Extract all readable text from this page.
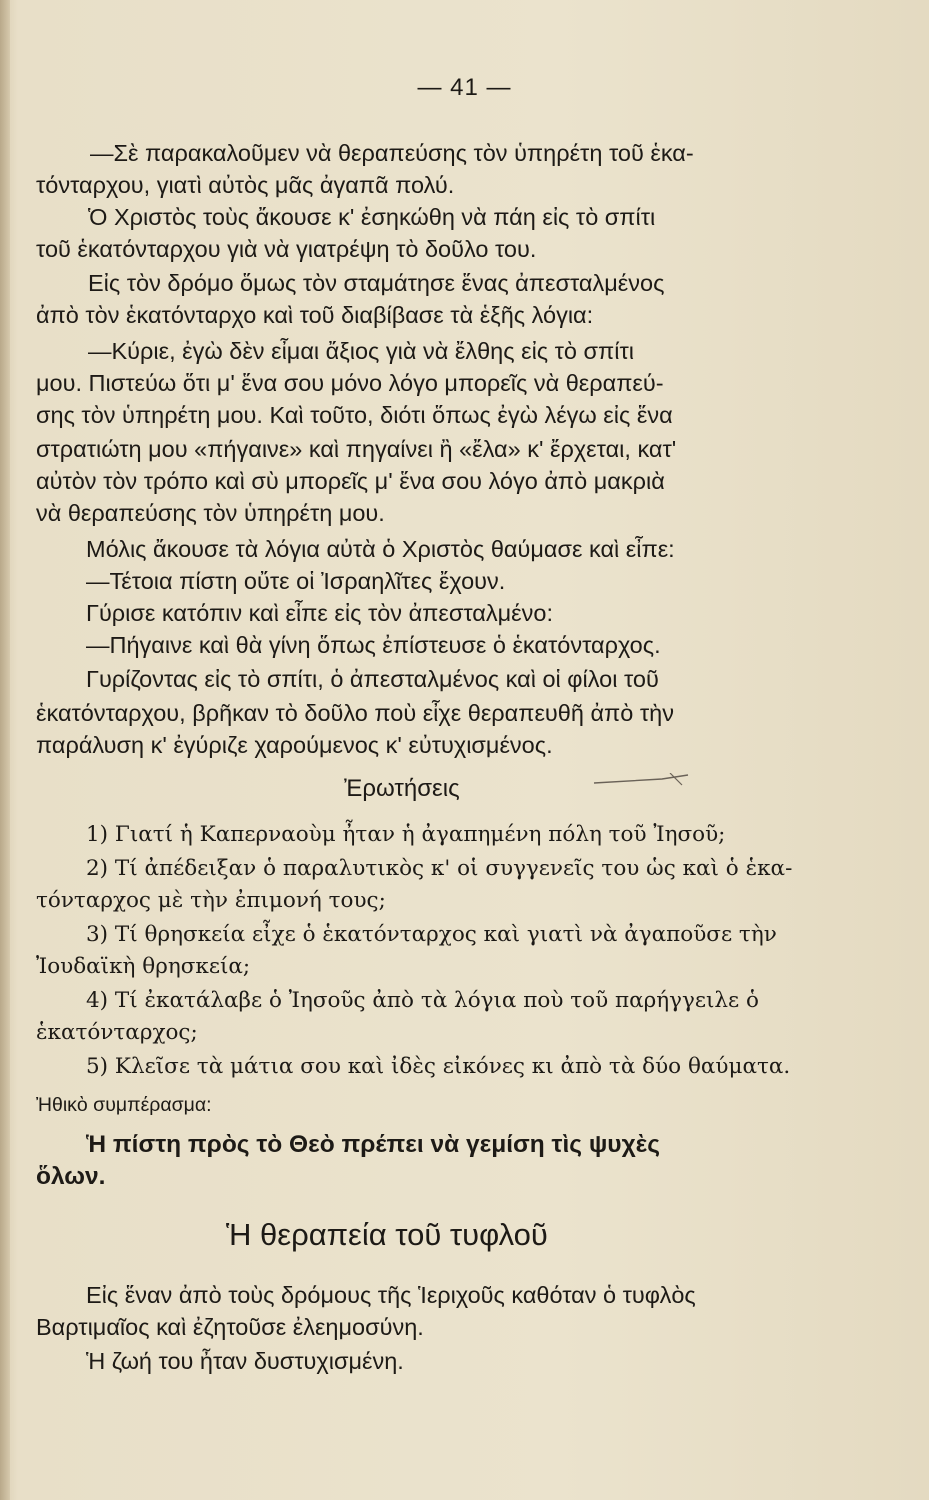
— 41 —
—Σὲ παρακαλοῦμεν νὰ θεραπεύσης τὸν ὑπηρέτη τοῦ ἑκα-
τόνταρχου, γιατὶ αὐτὸς μᾶς ἀγαπᾶ πολύ.
Ὁ Χριστὸς τοὺς ἄκουσε κ' ἐσηκώθη νὰ πάη εἰς τὸ σπίτι
τοῦ ἑκατόνταρχου γιὰ νὰ γιατρέψη τὸ δοῦλο του.
Εἰς τὸν δρόμο ὅμως τὸν σταμάτησε ἕνας ἀπεσταλμένος
ἀπὸ τὸν ἑκατόνταρχο καὶ τοῦ διαβίβασε τὰ ἑξῆς λόγια:
—Κύριε, ἐγὼ δὲν εἶμαι ἄξιος γιὰ νὰ ἔλθης εἰς τὸ σπίτι
μου. Πιστεύω ὅτι μ' ἕνα σου μόνο λόγο μπορεῖς νὰ θεραπεύ-
σης τὸν ὑπηρέτη μου. Καὶ τοῦτο, διότι ὅπως ἐγὼ λέγω εἰς ἕνα
στρατιώτη μου «πήγαινε» καὶ πηγαίνει ἢ «ἔλα» κ' ἔρχεται, κατ'
αὐτὸν τὸν τρόπο καὶ σὺ μπορεῖς μ' ἕνα σου λόγο ἀπὸ μακριὰ
νὰ θεραπεύσης τὸν ὑπηρέτη μου.
Μόλις ἄκουσε τὰ λόγια αὐτὰ ὁ Χριστὸς θαύμασε καὶ εἶπε:
—Τέτοια πίστη οὔτε οἱ Ἰσραηλῖτες ἔχουν.
Γύρισε κατόπιν καὶ εἶπε εἰς τὸν ἀπεσταλμένο:
—Πήγαινε καὶ θὰ γίνη ὅπως ἐπίστευσε ὁ ἑκατόνταρχος.
Γυρίζοντας εἰς τὸ σπίτι, ὁ ἀπεσταλμένος καὶ οἱ φίλοι τοῦ
ἑκατόνταρχου, βρῆκαν τὸ δοῦλο ποὺ εἶχε θεραπευθῆ ἀπὸ τὴν
παράλυση κ' ἐγύριζε χαρούμενος κ' εὐτυχισμένος.
Ἐρωτήσεις
1) Γιατί ἡ Καπερναοὺμ ἦταν ἡ ἀγαπημένη πόλη τοῦ Ἰησοῦ;
2) Τί ἀπέδειξαν ὁ παραλυτικὸς κ' οἱ συγγενεῖς του ὡς καὶ ὁ ἑκα-
τόνταρχος μὲ τὴν ἐπιμονή τους;
3) Τί θρησκεία εἶχε ὁ ἑκατόνταρχος καὶ γιατὶ νὰ ἀγαποῦσε τὴν
Ἰουδαϊκὴ θρησκεία;
4) Τί ἐκατάλαβε ὁ Ἰησοῦς ἀπὸ τὰ λόγια ποὺ τοῦ παρήγγειλε ὁ
ἑκατόνταρχος;
5) Κλεῖσε τὰ μάτια σου καὶ ἰδὲς εἰκόνες κι ἀπὸ τὰ δύο θαύματα.
Ἠθικὸ συμπέρασμα:
Ἡ πίστη πρὸς τὸ Θεὸ πρέπει νὰ γεμίση τὶς ψυχὲς
ὅλων.
Ἡ θεραπεία τοῦ τυφλοῦ
Εἰς ἕναν ἀπὸ τοὺς δρόμους τῆς Ἱεριχοῦς καθόταν ὁ τυφλὸς
Βαρτιμαῖος καὶ ἐζητοῦσε ἐλεημοσύνη.
Ἡ ζωή του ἦταν δυστυχισμένη.
